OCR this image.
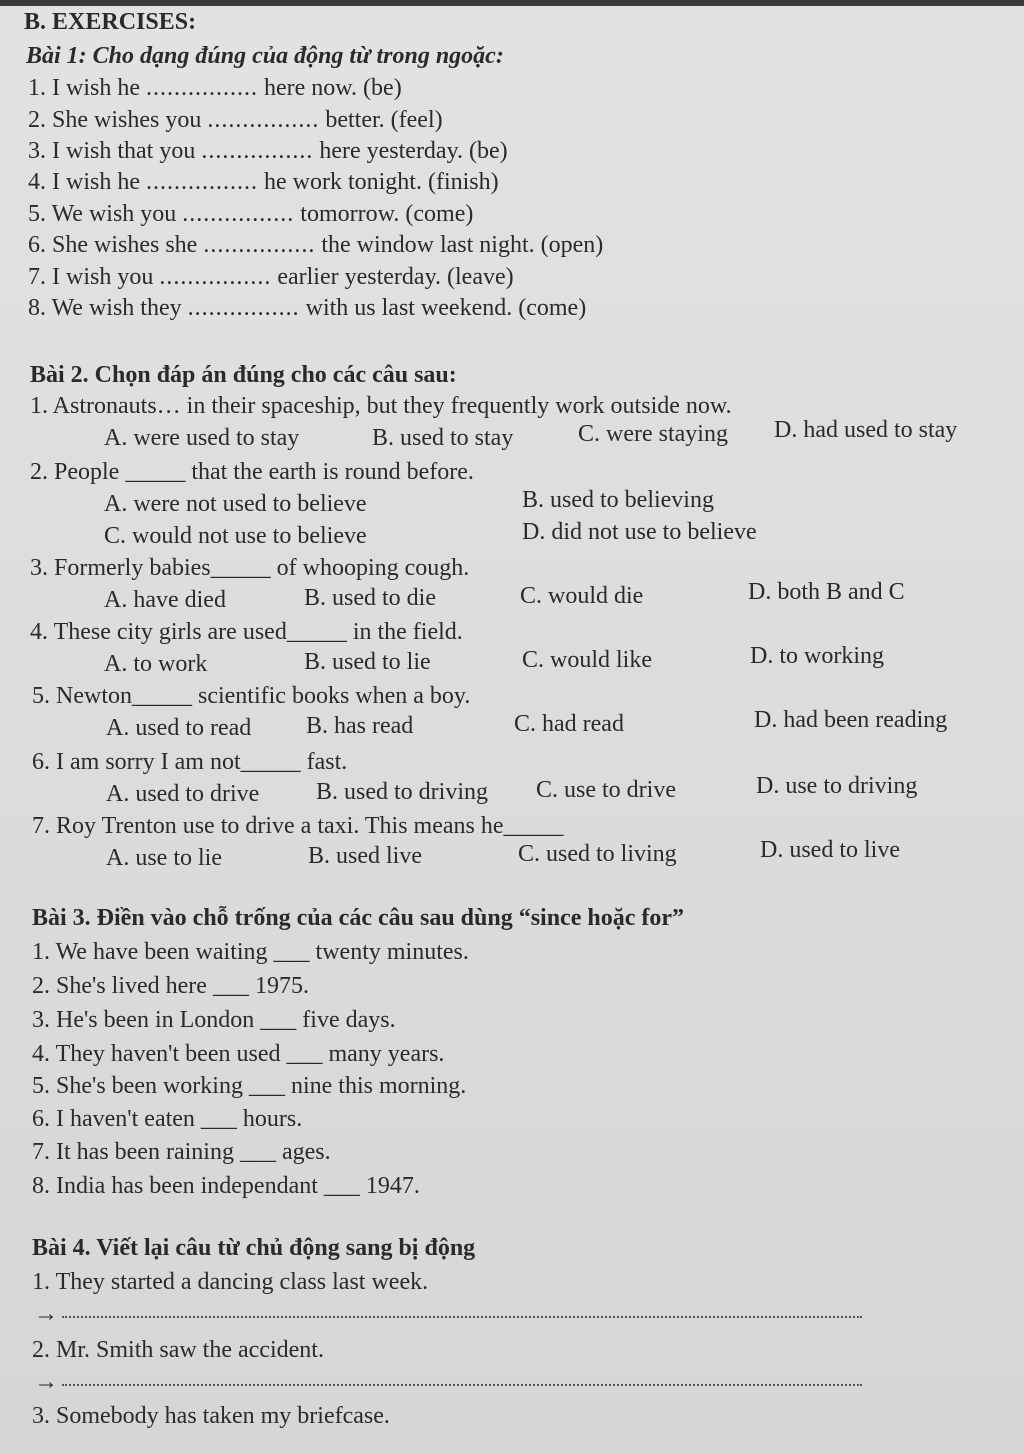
B. EXERCISES:
Bài 1: Cho dạng đúng của động từ trong ngoặc:
1. I wish he ................ here now. (be)
2. She wishes you ................ better. (feel)
3. I wish that you ................ here yesterday. (be)
4. I wish he ................ he work tonight. (finish)
5. We wish you ................ tomorrow. (come)
6. She wishes she ................ the window last night. (open)
7. I wish you ................ earlier yesterday. (leave)
8. We wish they ................ with us last weekend. (come)
Bài 2. Chọn đáp án đúng cho các câu sau:
1. Astronauts… in their spaceship, but they frequently work outside now.
A. were used to stay	B. used to stay	C. were staying D. had used to stay
2. People _____ that the earth is round before.
A. were not used to believe	B. used to believing
C. would not use to believe	D. did not use to believe
3. Formerly babies_____ of whooping cough.
A. have died	B. used to die	C. would die	D. both B and C
4. These city girls are used_____ in the field.
A. to work	B. used to lie	C. would like	D. to working
5. Newton_____ scientific books when a boy.
A. used to read B. has read	C. had read	D. had been reading
6. I am sorry I am not_____ fast.
A. used to drive B. used to driving C. use to drive	D. use to driving
7. Roy Trenton use to drive a taxi. This means he_____
A. use to lie	B. used live	C. used to living	D. used to live
Bài 3. Điền vào chỗ trống của các câu sau dùng “since hoặc for”
1. We have been waiting ___ twenty minutes.
2. She's lived here ___ 1975.
3. He's been in London ___ five days.
4. They haven't been used ___ many years.
5. She's been working ___ nine this morning.
6. I haven't eaten ___ hours.
7. It has been raining ___ ages.
8. India has been independant ___ 1947.
Bài 4. Viết lại câu từ chủ động sang bị động
1. They started a dancing class last week.
→
2. Mr. Smith saw the accident.
→
3. Somebody has taken my briefcase.
